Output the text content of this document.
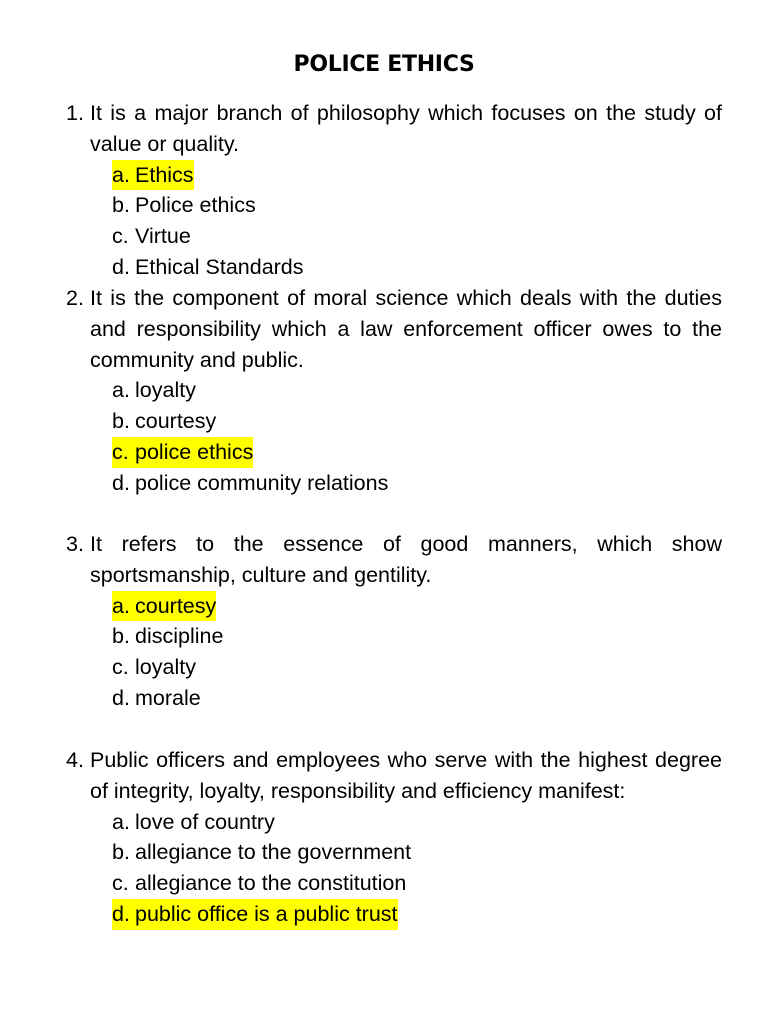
POLICE ETHICS
1. It is a major branch of philosophy which focuses on the study of value or quality.
a. Ethics
b. Police ethics
c. Virtue
d. Ethical Standards
2. It is the component of moral science which deals with the duties and responsibility which a law enforcement officer owes to the community and public.
a. loyalty
b. courtesy
c. police ethics
d. police community relations
3. It refers to the essence of good manners, which show sportsmanship, culture and gentility.
a. courtesy
b. discipline
c. loyalty
d. morale
4. Public officers and employees who serve with the highest degree of integrity, loyalty, responsibility and efficiency manifest:
a. love of country
b. allegiance to the government
c. allegiance to the constitution
d. public office is a public trust
